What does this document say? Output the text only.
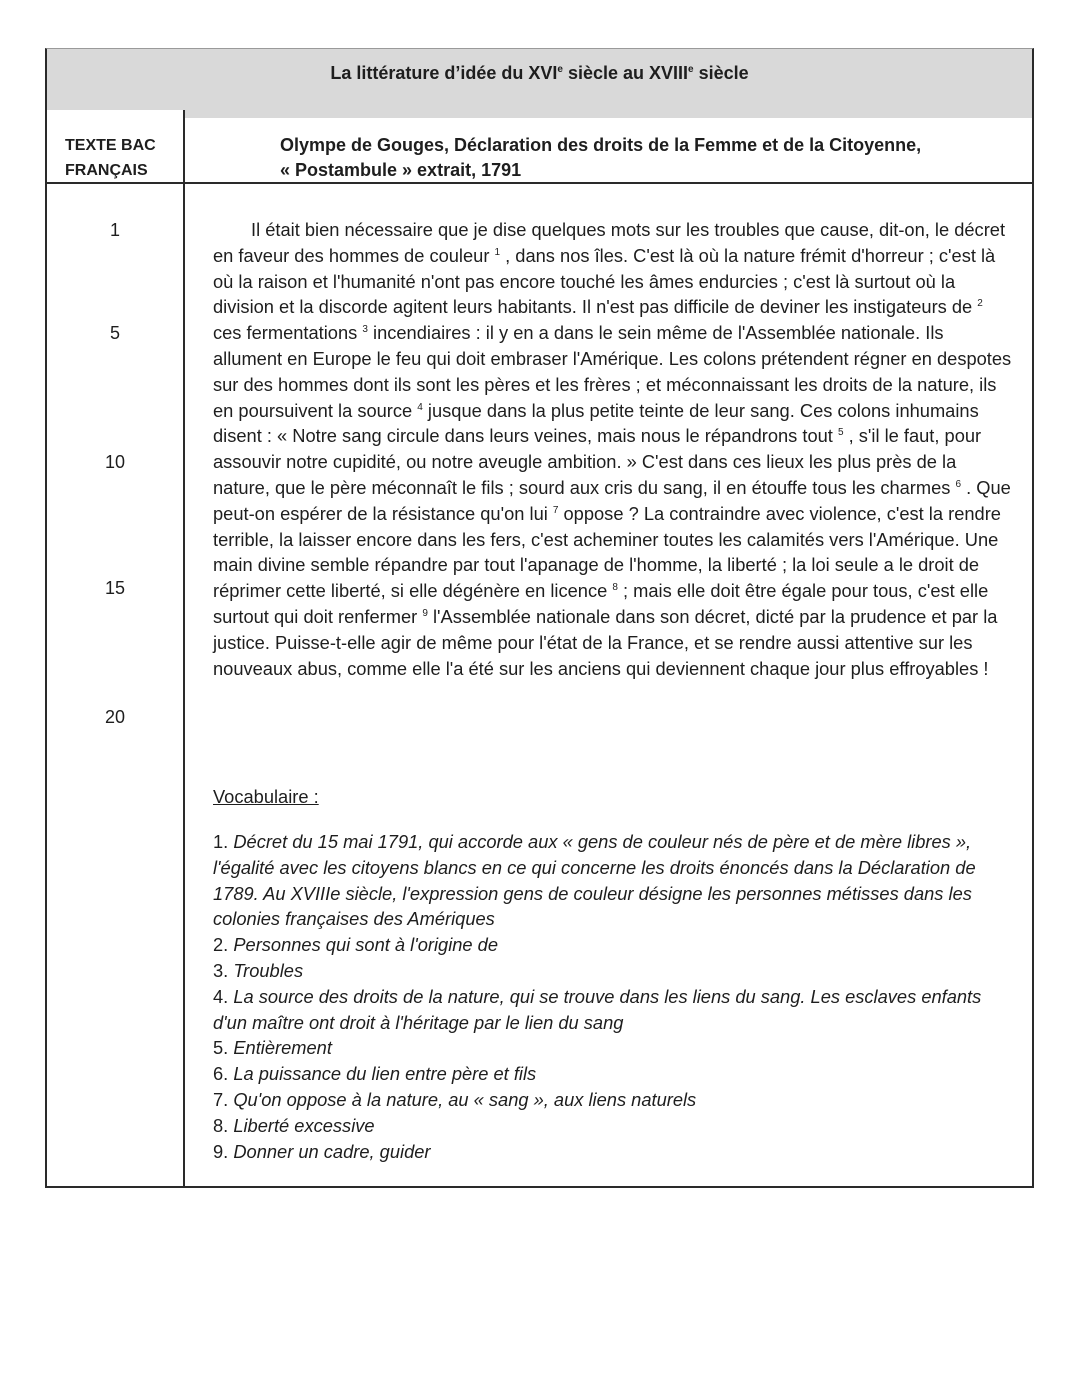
La littérature d’idée du XVIe siècle au XVIIIe siècle
TEXTE BAC
FRANÇAIS
Olympe de Gouges, Déclaration des droits de la Femme et de la Citoyenne,
« Postambule » extrait, 1791
1
5
10
15
20

Il était bien nécessaire que je dise quelques mots sur les troubles que cause, dit-on, le décret en faveur des hommes de couleur $^1$ , dans nos îles. C'est là où la nature frémit d'horreur ; c'est là où la raison et l'humanité n'ont pas encore touché les âmes endurcies ; c'est là surtout où la division et la discorde agitent leurs habitants. Il n'est pas difficile de deviner les instigateurs de $^2$ ces fermentations $^3$ incendiaires : il y en a dans le sein même de l'Assemblée nationale. Ils allument en Europe le feu qui doit embraser l'Amérique. Les colons prétendent régner en despotes sur des hommes dont ils sont les pères et les frères ; et méconnaissant les droits de la nature, ils en poursuivent la source $^4$ jusque dans la plus petite teinte de leur sang. Ces colons inhumains disent : « Notre sang circule dans leurs veines, mais nous le répandrons tout $^5$ , s'il le faut, pour assouvir notre cupidité, ou notre aveugle ambition. » C'est dans ces lieux les plus près de la nature, que le père méconnaît le fils ; sourd aux cris du sang, il en étouffe tous les charmes $^6$ . Que peut-on espérer de la résistance qu'on lui $^7$ oppose ? La contraindre avec violence, c'est la rendre terrible, la laisser encore dans les fers, c'est acheminer toutes les calamités vers l'Amérique. Une main divine semble répandre par tout l'apanage de l'homme, la liberté ; la loi seule a le droit de réprimer cette liberté, si elle dégénère en licence $^8$ ; mais elle doit être égale pour tous, c'est elle surtout qui doit renfermer $^9$ l'Assemblée nationale dans son décret, dicté par la prudence et par la justice. Puisse-t-elle agir de même pour l'état de la France, et se rendre aussi attentive sur les nouveaux abus, comme elle l'a été sur les anciens qui deviennent chaque jour plus effroyables !

Vocabulaire :
1. Décret du 15 mai 1791, qui accorde aux « gens de couleur nés de père et de mère libres », l'égalité avec les citoyens blancs en ce qui concerne les droits énoncés dans la Déclaration de 1789. Au XVIIIe siècle, l'expression gens de couleur désigne les personnes métisses dans les colonies françaises des Amériques
2. Personnes qui sont à l'origine de
3. Troubles
4. La source des droits de la nature, qui se trouve dans les liens du sang. Les esclaves enfants d'un maître ont droit à l'héritage par le lien du sang
5. Entièrement
6. La puissance du lien entre père et fils
7. Qu'on oppose à la nature, au « sang », aux liens naturels
8. Liberté excessive
9. Donner un cadre, guider
